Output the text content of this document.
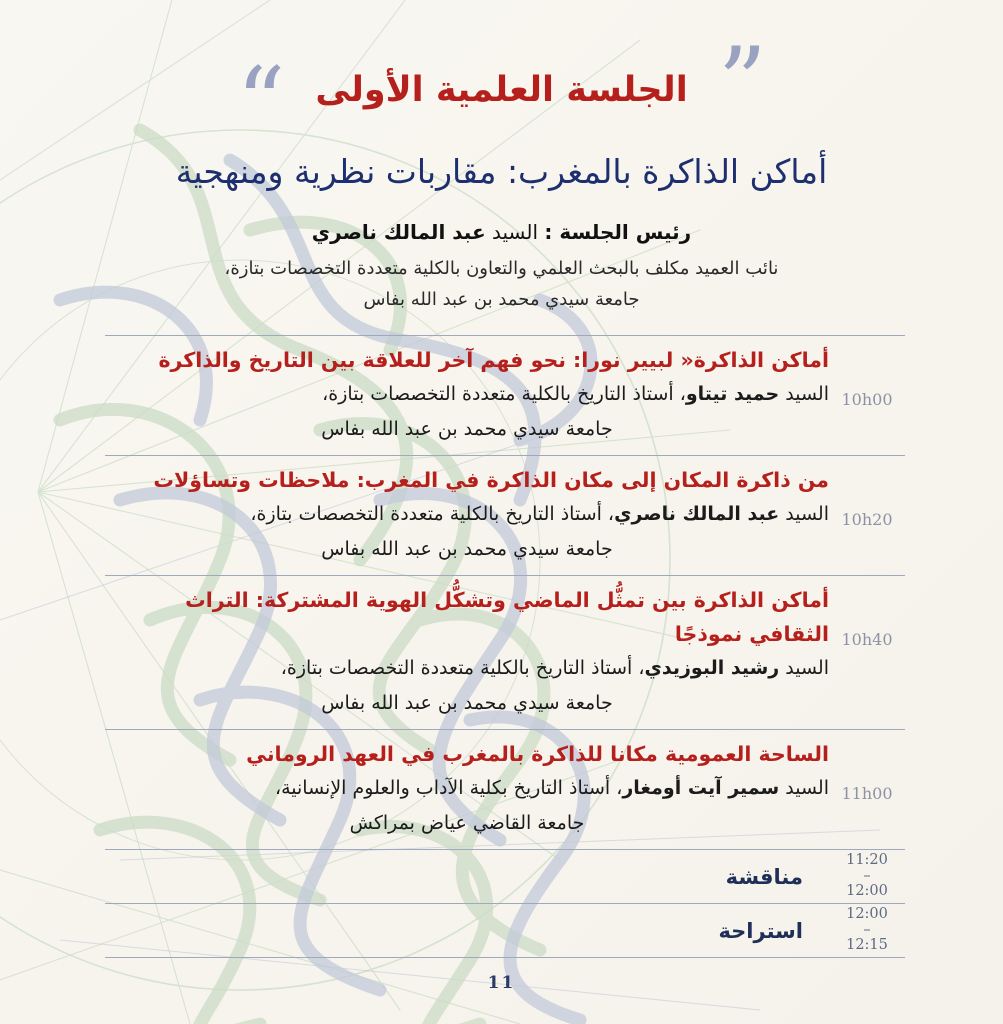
”
الجلسة العلمية الأولى
“
أماكن الذاكرة بالمغرب: مقاربات نظرية ومنهجية
رئيس الجلسة : السيد عبد المالك ناصري
نائب العميد مكلف بالبحث العلمي والتعاون بالكلية متعددة التخصصات بتازة،
جامعة سيدي محمد بن عبد الله بفاس
10h00
أماكن الذاكرة« لبيير نورا: نحو فهم آخر للعلاقة بين التاريخ والذاكرة
السيد حميد تيتاو، أستاذ التاريخ بالكلية متعددة التخصصات بتازة،
جامعة سيدي محمد بن عبد الله بفاس
10h20
من ذاكرة المكان إلى مكان الذاكرة في المغرب: ملاحظات وتساؤلات
السيد عبد المالك ناصري، أستاذ التاريخ بالكلية متعددة التخصصات بتازة،
جامعة سيدي محمد بن عبد الله بفاس
10h40
أماكن الذاكرة بين تمثُّل الماضي وتشكُّل الهوية المشتركة: التراث الثقافي نموذجًا
السيد رشيد البوزيدي، أستاذ التاريخ بالكلية متعددة التخصصات بتازة،
جامعة سيدي محمد بن عبد الله بفاس
11h00
الساحة العمومية مكانا للذاكرة بالمغرب في العهد الروماني
السيد سمير آيت أومغار، أستاذ التاريخ بكلية الآداب والعلوم الإنسانية،
جامعة القاضي عياض بمراكش
11:20
–
12:00
مناقشة
12:00
–
12:15
استراحة
11
